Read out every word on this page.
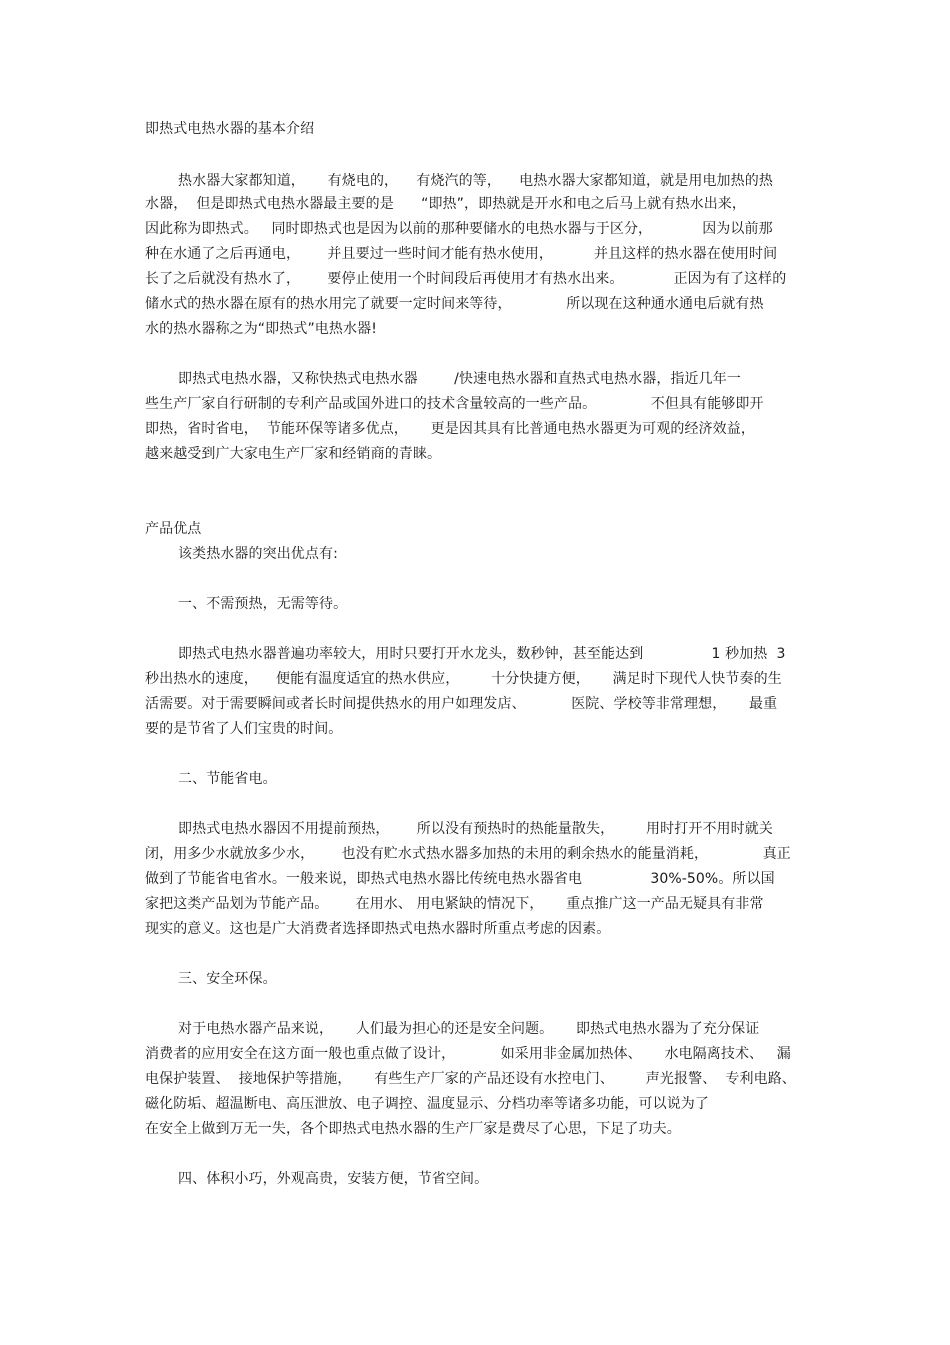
即热式电热水器的基本介绍
热水器大家都知道，     有烧电的，    有烧汽的等，    电热水器大家都知道，就是用电加热的热
水器，  但是即热式电热水器最主要的是      “即热”，即热就是开水和电之后马上就有热水出来，
因此称为即热式。   同时即热式也是因为以前的那种要储水的电热水器与于区分，           因为以前那
种在水通了之后再通电，      并且要过一些时间才能有热水使用，         并且这样的热水器在使用时间
长了之后就没有热水了，      要停止使用一个时间段后再使用才有热水出来。           正因为有了这样的
储水式的热水器在原有的热水用完了就要一定时间来等待，            所以现在这种通水通电后就有热
水的热水器称之为“即热式”电热水器!
即热式电热水器，又称快热式电热水器        /快速电热水器和直热式电热水器，指近几年一
些生产厂家自行研制的专利产品或国外进口的技术含量较高的一些产品。            不但具有能够即开
即热，省时省电，  节能环保等诸多优点，     更是因其具有比普通电热水器更为可观的经济效益，
越来越受到广大家电生产厂家和经销商的青睐。
产品优点
该类热水器的突出优点有:
一、不需预热，无需等待。
即热式电热水器普遍功率较大，用时只要打开水龙头，数秒钟，甚至能达到               1 秒加热  3
秒出热水的速度，    便能有温度适宜的热水供应，       十分快捷方便，     满足时下现代人快节奏的生
活需要。对于需要瞬间或者长时间提供热水的用户如理发店、          医院、学校等非常理想，     最重
要的是节省了人们宝贵的时间。
二、节能省电。
即热式电热水器因不用提前预热，      所以没有预热时的热能量散失，       用时打开不用时就关
闭，用多少水就放多少水，      也没有贮水式热水器多加热的未用的剩余热水的能量消耗，            真正
做到了节能省电省水。一般来说，即热式电热水器比传统电热水器省电               30%-50%。所以国
家把这类产品划为节能产品。      在用水、 用电紧缺的情况下，     重点推广这一产品无疑具有非常
现实的意义。这也是广大消费者选择即热式电热水器时所重点考虑的因素。
三、安全环保。
对于电热水器产品来说，     人们最为担心的还是安全问题。     即热式电热水器为了充分保证
消费者的应用安全在这方面一般也重点做了设计，          如采用非金属加热体、     水电隔离技术、   漏
电保护装置、  接地保护等措施，     有些生产厂家的产品还设有水控电门、       声光报警、  专利电路、
磁化防垢、超温断电、高压泄放、电子调控、温度显示、分档功率等诸多功能，可以说为了
在安全上做到万无一失，各个即热式电热水器的生产厂家是费尽了心思，下足了功夫。
四、体积小巧，外观高贵，安装方便，节省空间。
